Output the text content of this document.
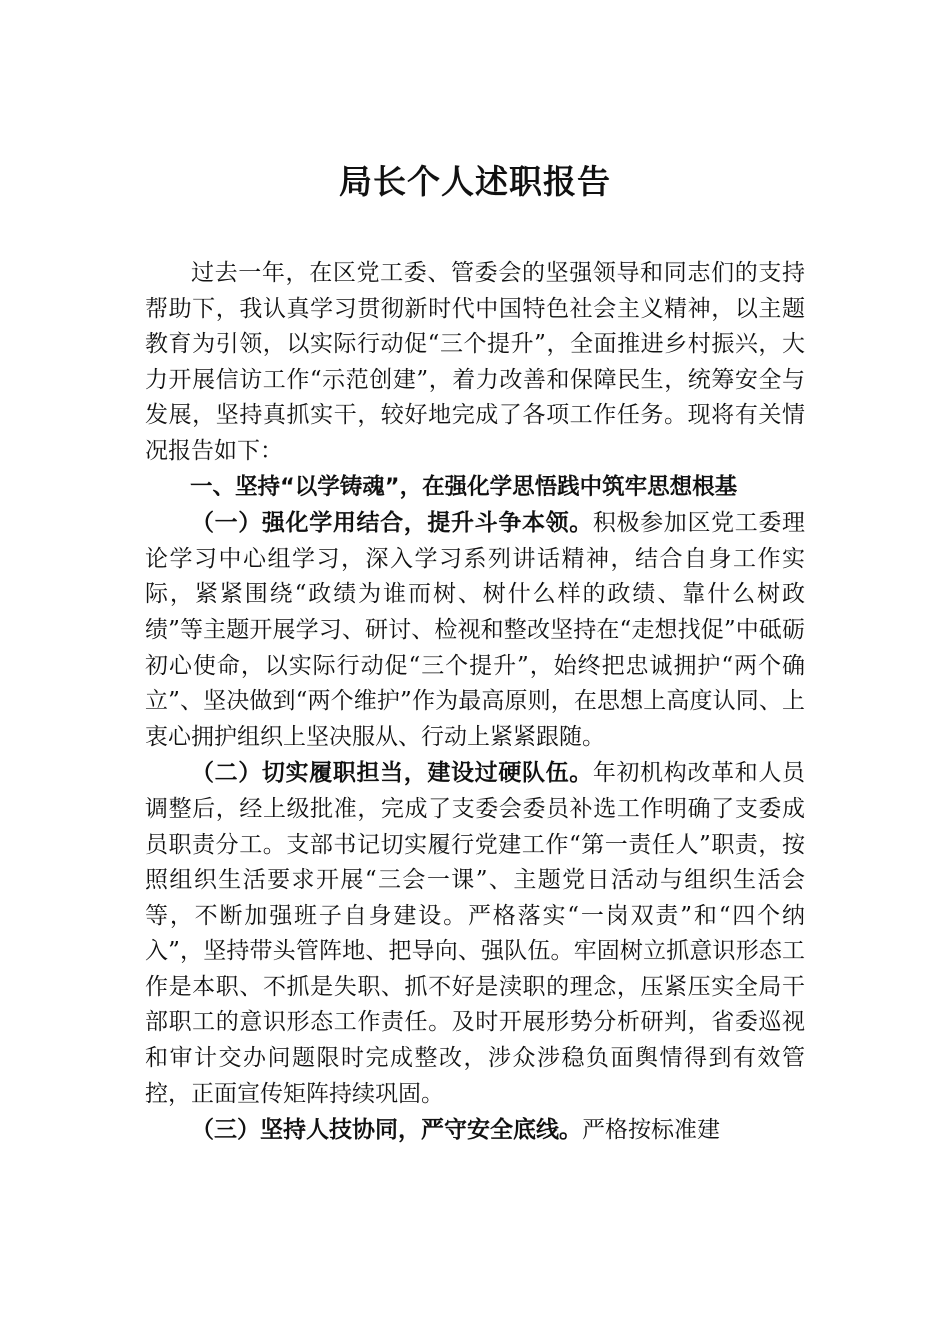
局长个人述职报告

过去一年，在区党工委、管委会的坚强领导和同志们的支持帮助下，我认真学习贯彻新时代中国特色社会主义精神，以主题教育为引领，以实际行动促“三个提升”，全面推进乡村振兴，大力开展信访工作“示范创建”，着力改善和保障民生，统筹安全与发展，坚持真抓实干，较好地完成了各项工作任务。现将有关情况报告如下：

一、坚持“以学铸魂”，在强化学思悟践中筑牢思想根基

（一）强化学用结合，提升斗争本领。积极参加区党工委理论学习中心组学习，深入学习系列讲话精神，结合自身工作实际，紧紧围绕“政绩为谁而树、树什么样的政绩、靠什么树政绩”等主题开展学习、研讨、检视和整改坚持在“走想找促”中砥砺初心使命，以实际行动促“三个提升”，始终把忠诚拥护“两个确立”、坚决做到“两个维护”作为最高原则，在思想上高度认同、上衷心拥护组织上坚决服从、行动上紧紧跟随。

（二）切实履职担当，建设过硬队伍。年初机构改革和人员调整后，经上级批准，完成了支委会委员补选工作明确了支委成员职责分工。支部书记切实履行党建工作“第一责任人”职责，按照组织生活要求开展“三会一课”、主题党日活动与组织生活会等，不断加强班子自身建设。严格落实“一岗双责”和“四个纳入”，坚持带头管阵地、把导向、强队伍。牢固树立抓意识形态工作是本职、不抓是失职、抓不好是渎职的理念，压紧压实全局干部职工的意识形态工作责任。及时开展形势分析研判，省委巡视和审计交办问题限时完成整改，涉众涉稳负面舆情得到有效管控，正面宣传矩阵持续巩固。

（三）坚持人技协同，严守安全底线。严格按标准建
